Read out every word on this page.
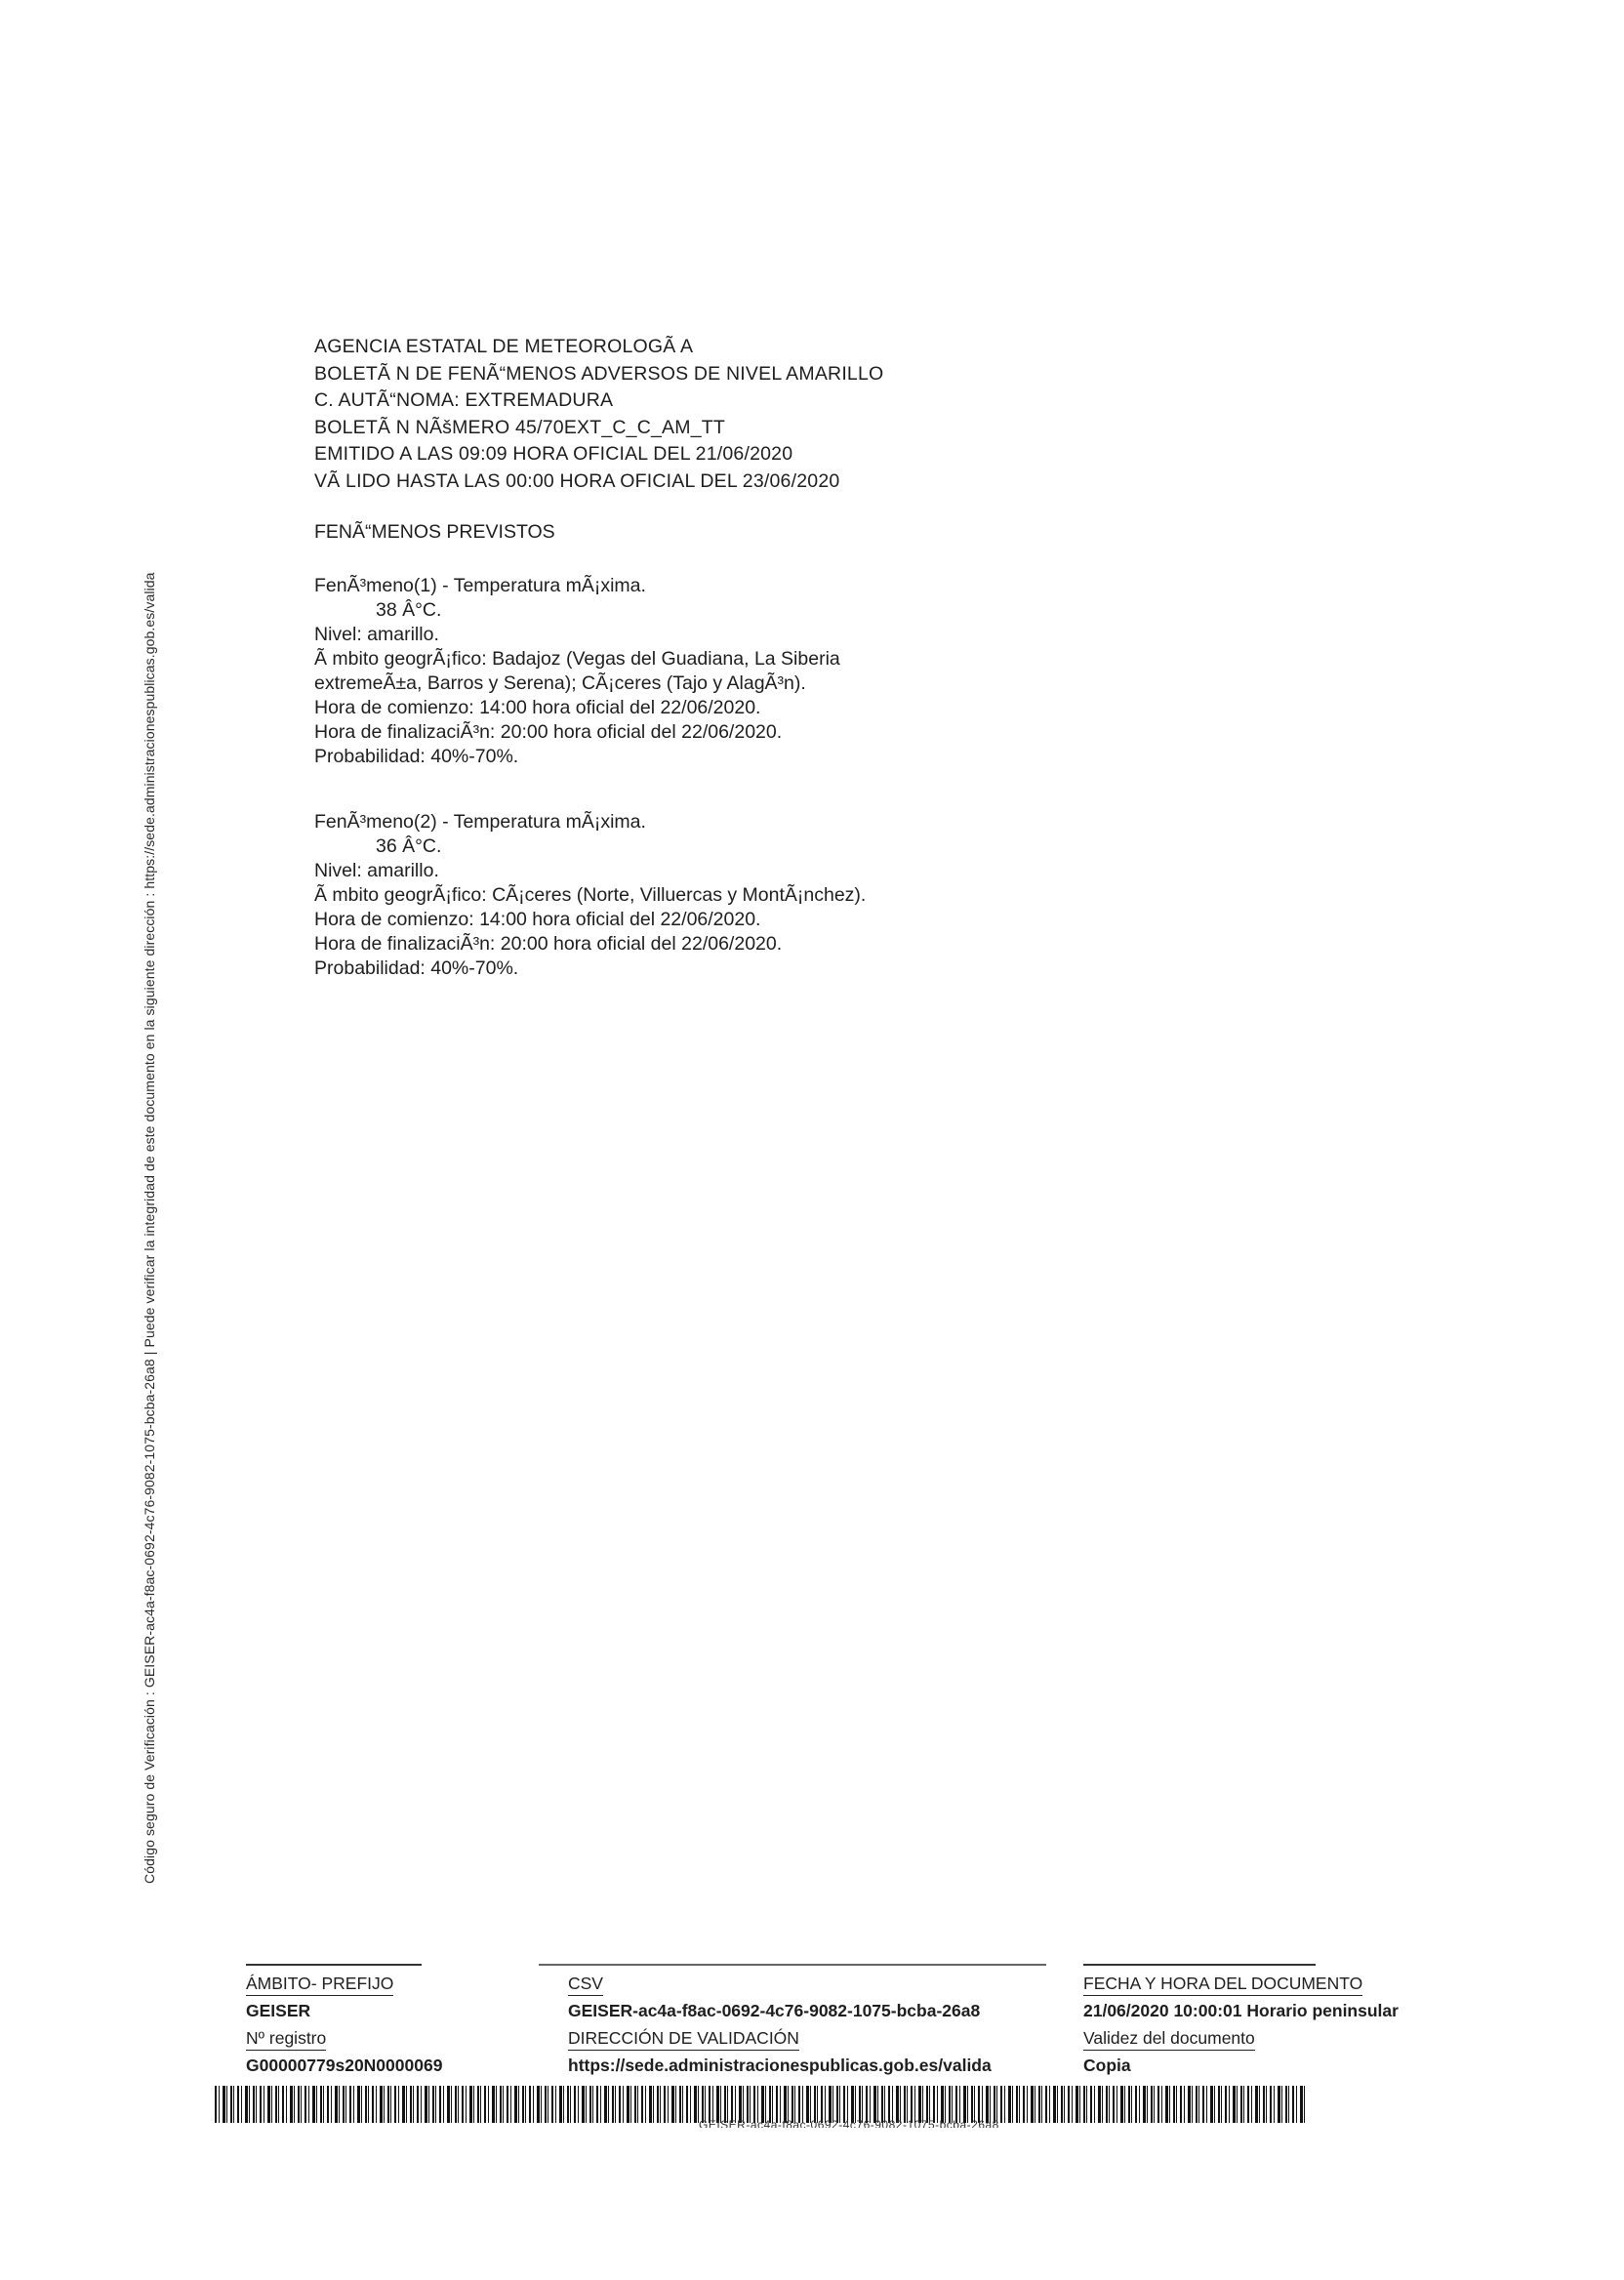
Código seguro de Verificación : GEISER-ac4a-f8ac-0692-4c76-9082-1075-bcba-26a8 | Puede verificar la integridad de este documento en la siguiente dirección : https://sede.administracionespublicas.gob.es/valida
AGENCIA ESTATAL DE METEOROLOGÃ A
BOLETÃ N DE FENÃ“MENOS ADVERSOS DE NIVEL AMARILLO
C. AUTÃ“NOMA: EXTREMADURA
BOLETÃ N NÃšMERO 45/70EXT_C_C_AM_TT
EMITIDO A LAS 09:09 HORA OFICIAL DEL 21/06/2020
VÃ LIDO HASTA LAS 00:00 HORA OFICIAL DEL 23/06/2020
FENÃ“MENOS PREVISTOS
FenÃ³meno(1) - Temperatura mÃ¡xima.
38 Â°C.
Nivel: amarillo.
Ã mbito geogrÃ¡fico: Badajoz (Vegas del Guadiana, La Siberia
extremeÃ±a, Barros y Serena); CÃ¡ceres (Tajo y AlagÃ³n).
Hora de comienzo: 14:00 hora oficial del 22/06/2020.
Hora de finalizaciÃ³n: 20:00 hora oficial del 22/06/2020.
Probabilidad: 40%-70%.
FenÃ³meno(2) - Temperatura mÃ¡xima.
36 Â°C.
Nivel: amarillo.
Ã mbito geogrÃ¡fico: CÃ¡ceres (Norte, Villuercas y MontÃ¡nchez).
Hora de comienzo: 14:00 hora oficial del 22/06/2020.
Hora de finalizaciÃ³n: 20:00 hora oficial del 22/06/2020.
Probabilidad: 40%-70%.
ÁMBITO- PREFIJO
GEISER
Nº registro
G00000779s20N0000069
CSV
GEISER-ac4a-f8ac-0692-4c76-9082-1075-bcba-26a8
DIRECCIÓN DE VALIDACIÓN
https://sede.administracionespublicas.gob.es/valida
FECHA Y HORA DEL DOCUMENTO
21/06/2020 10:00:01 Horario peninsular
Validez del documento
Copia
GEISER-ac4a-f8ac-0692-4c76-9082-1075-bcba-26a8
